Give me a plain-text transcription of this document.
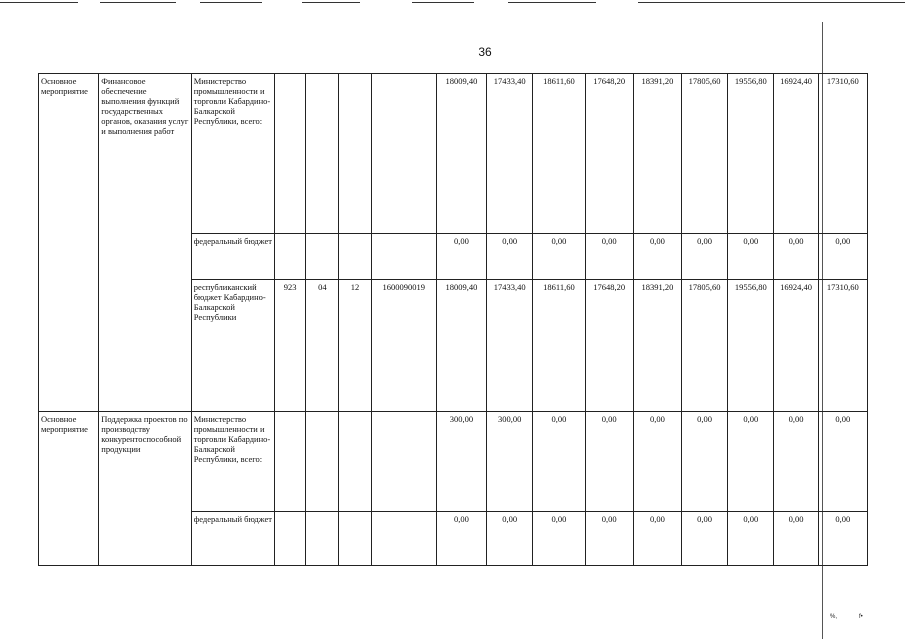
36
Основное мероприятие	Финансовое обеспечение выполнения функций государственных органов, оказания услуг и выполнения работ	Министерство промышленности и торговли Кабардино-Балкарской Республики, всего:					18009,40	17433,40	18611,60	17648,20	18391,20	17805,60	19556,80	16924,40	17310,60
		федеральный бюджет					0,00	0,00	0,00	0,00	0,00	0,00	0,00	0,00	0,00
		республиканский бюджет Кабардино-Балкарской Республики	923	04	12	1600090019	18009,40	17433,40	18611,60	17648,20	18391,20	17805,60	19556,80	16924,40	17310,60
Основное мероприятие	Поддержка проектов по производству конкурентоспособной продукции	Министерство промышленности и торговли Кабардино-Балкарской Республики, всего:					300,00	300,00	0,00	0,00	0,00	0,00	0,00	0,00	0,00
		федеральный бюджет					0,00	0,00	0,00	0,00	0,00	0,00	0,00	0,00	0,00
%,	f•
